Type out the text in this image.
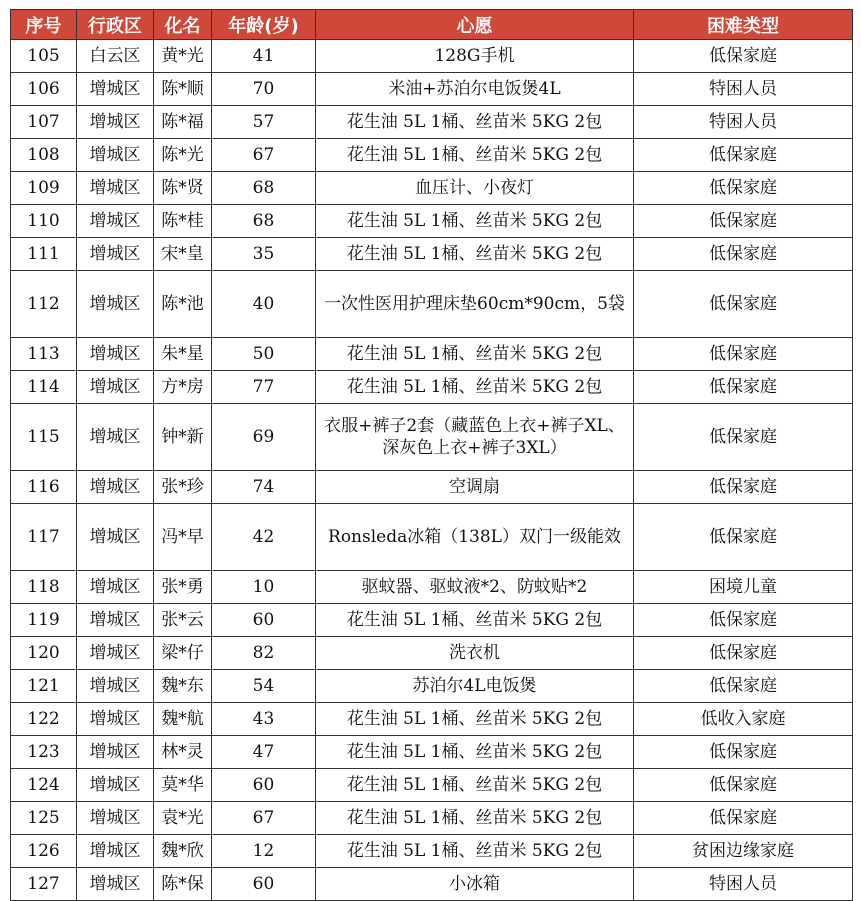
序号	行政区	化名	年龄(岁)	心愿	困难类型
105	白云区	黄*光	41	128G手机	低保家庭
106	增城区	陈*顺	70	米油+苏泊尔电饭煲4L	特困人员
107	增城区	陈*福	57	花生油 5L 1桶、丝苗米 5KG 2包	特困人员
108	增城区	陈*光	67	花生油 5L 1桶、丝苗米 5KG 2包	低保家庭
109	增城区	陈*贤	68	血压计、小夜灯	低保家庭
110	增城区	陈*桂	68	花生油 5L 1桶、丝苗米 5KG 2包	低保家庭
111	增城区	宋*皇	35	花生油 5L 1桶、丝苗米 5KG 2包	低保家庭
112	增城区	陈*池	40	一次性医用护理床垫60cm*90cm，5袋	低保家庭
113	增城区	朱*星	50	花生油 5L 1桶、丝苗米 5KG 2包	低保家庭
114	增城区	方*房	77	花生油 5L 1桶、丝苗米 5KG 2包	低保家庭
115	增城区	钟*新	69	衣服+裤子2套（藏蓝色上衣+裤子XL、深灰色上衣+裤子3XL）	低保家庭
116	增城区	张*珍	74	空调扇	低保家庭
117	增城区	冯*早	42	Ronsleda冰箱（138L）双门一级能效	低保家庭
118	增城区	张*勇	10	驱蚊器、驱蚊液*2、防蚊贴*2	困境儿童
119	增城区	张*云	60	花生油 5L 1桶、丝苗米 5KG 2包	低保家庭
120	增城区	梁*仔	82	洗衣机	低保家庭
121	增城区	魏*东	54	苏泊尔4L电饭煲	低保家庭
122	增城区	魏*航	43	花生油 5L 1桶、丝苗米 5KG 2包	低收入家庭
123	增城区	林*灵	47	花生油 5L 1桶、丝苗米 5KG 2包	低保家庭
124	增城区	莫*华	60	花生油 5L 1桶、丝苗米 5KG 2包	低保家庭
125	增城区	袁*光	67	花生油 5L 1桶、丝苗米 5KG 2包	低保家庭
126	增城区	魏*欣	12	花生油 5L 1桶、丝苗米 5KG 2包	贫困边缘家庭
127	增城区	陈*保	60	小冰箱	特困人员
